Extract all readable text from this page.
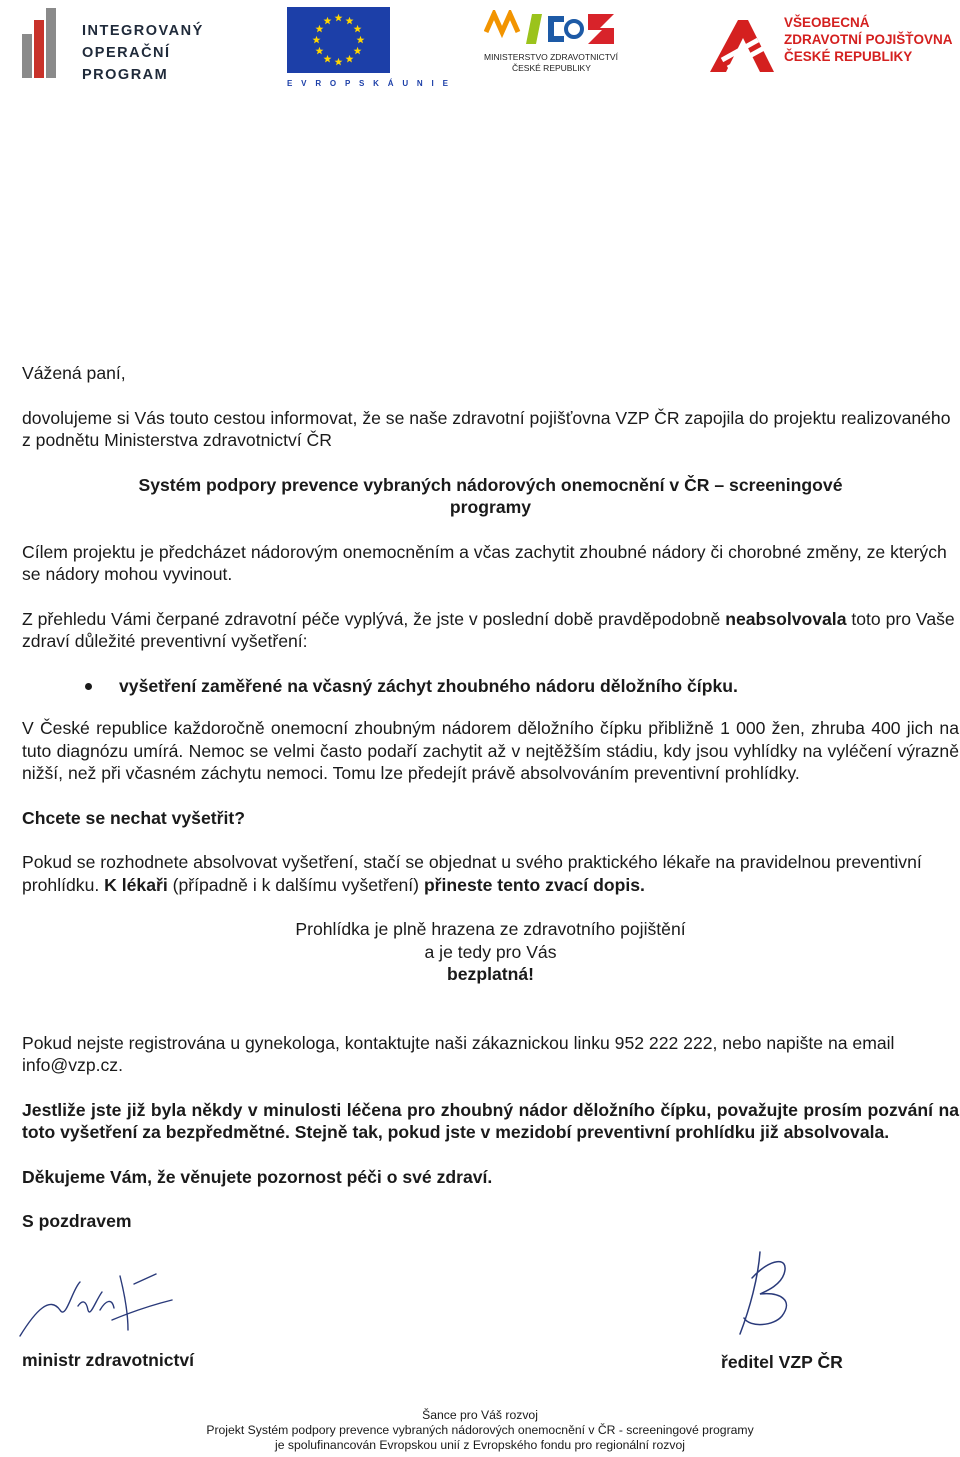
INTEGROVANÝ
OPERAČNÍ
PROGRAM
E V R O P S K Á U N I E
MINISTERSTVO ZDRAVOTNICTVÍ
ČESKÉ REPUBLIKY
VŠEOBECNÁ
ZDRAVOTNÍ POJIŠŤOVNA
ČESKÉ REPUBLIKY

Vážená paní,

dovolujeme si Vás touto cestou informovat, že se naše zdravotní pojišťovna VZP ČR zapojila do projektu realizovaného z podnětu Ministerstva zdravotnictví ČR

Systém podpory prevence vybraných nádorových onemocnění v ČR – screeningové
programy

Cílem projektu je předcházet nádorovým onemocněním a včas zachytit zhoubné nádory či chorobné změny, ze kterých se nádory mohou vyvinout.

Z přehledu Vámi čerpané zdravotní péče vyplývá, že jste v poslední době pravděpodobně neabsolvovala toto pro Vaše zdraví důležité preventivní vyšetření:

vyšetření zaměřené na včasný záchyt zhoubného nádoru děložního čípku.

V České republice každoročně onemocní zhoubným nádorem děložního čípku přibližně 1 000 žen, zhruba 400 jich na tuto diagnózu umírá. Nemoc se velmi často podaří zachytit až v nejtěžším stádiu, kdy jsou vyhlídky na vyléčení výrazně nižší, než při včasném záchytu nemoci. Tomu lze předejít právě absolvováním preventivní prohlídky.

Chcete se nechat vyšetřit?

Pokud se rozhodnete absolvovat vyšetření, stačí se objednat u svého praktického lékaře na pravidelnou preventivní prohlídku. K lékaři (případně i k dalšímu vyšetření) přineste tento zvací dopis.

Prohlídka je plně hrazena ze zdravotního pojištění
a je tedy pro Vás
bezplatná!

Pokud nejste registrována u gynekologa, kontaktujte naši zákaznickou linku 952 222 222, nebo napište na email info@vzp.cz.

Jestliže jste již byla někdy v minulosti léčena pro zhoubný nádor děložního čípku, považujte prosím pozvání na toto vyšetření za bezpředmětné. Stejně tak, pokud jste v mezidobí preventivní prohlídku již absolvovala.

Děkujeme Vám, že věnujete pozornost péči o své zdraví.

S pozdravem

ministr zdravotnictví	ředitel VZP ČR
Šance pro Váš rozvoj
Projekt Systém podpory prevence vybraných nádorových onemocnění v ČR - screeningové programy
je spolufinancován Evropskou unií z Evropského fondu pro regionální rozvoj
